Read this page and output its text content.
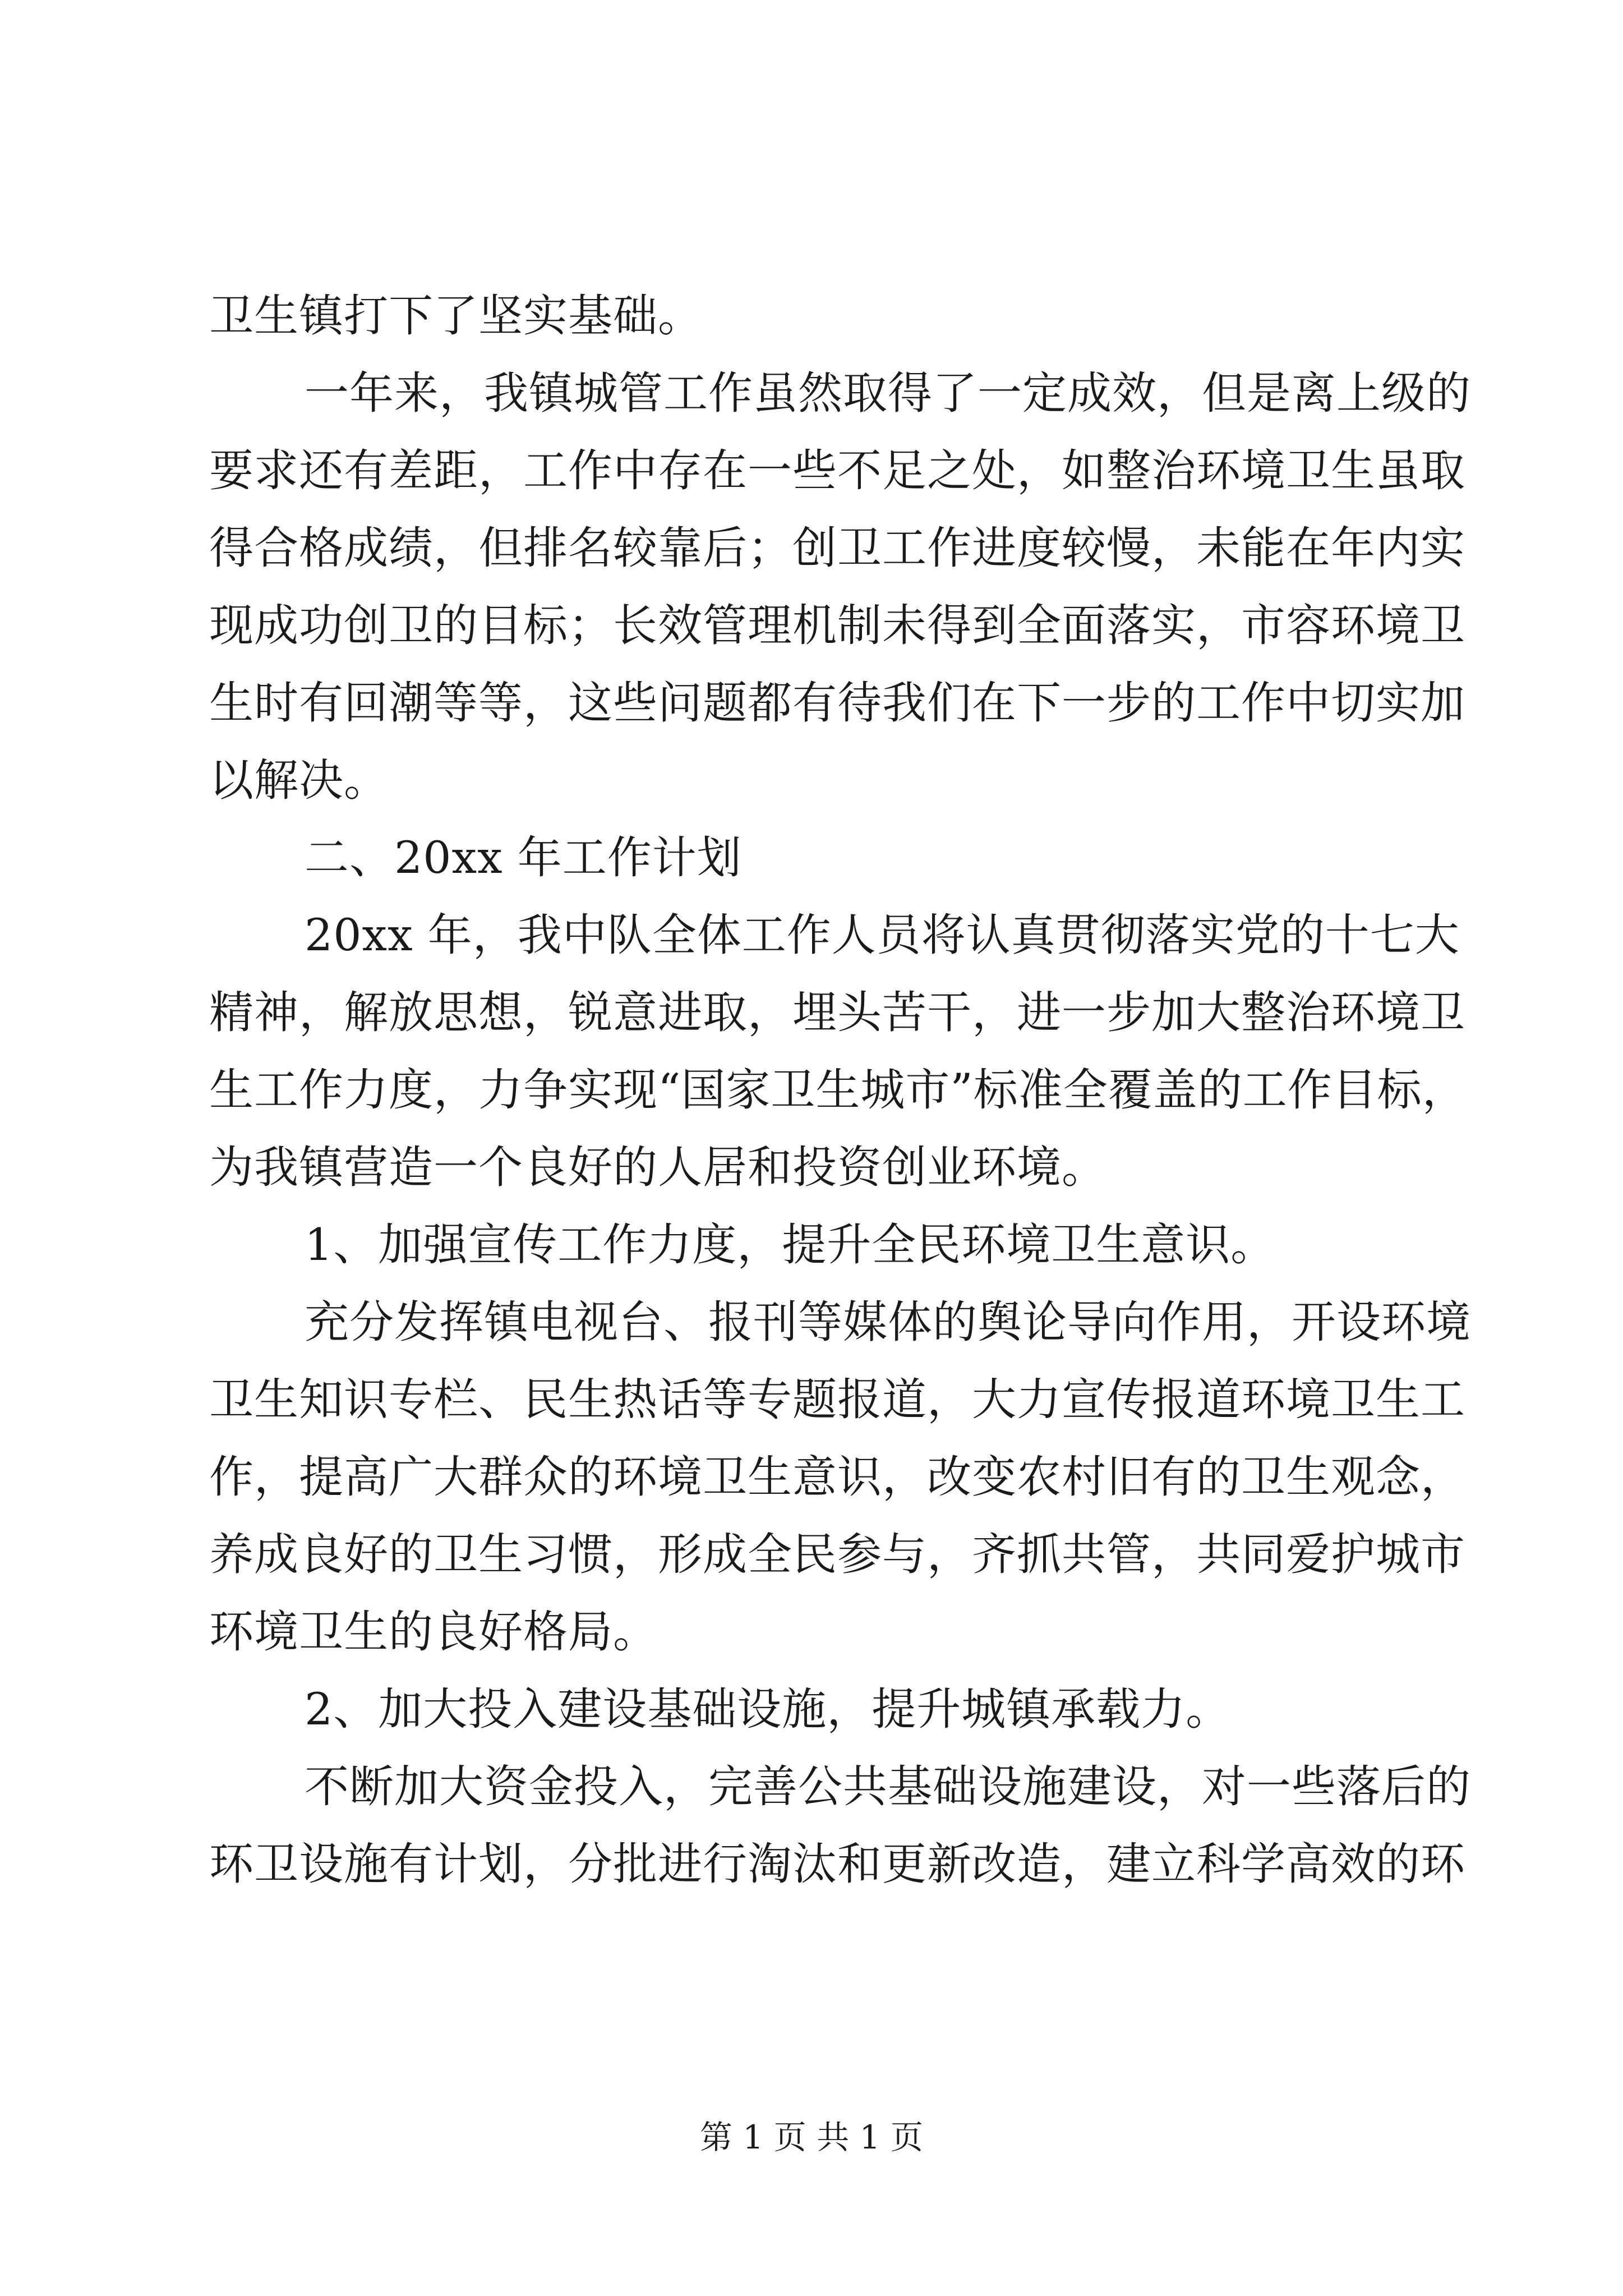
卫生镇打下了坚实基础。
一年来，我镇城管工作虽然取得了一定成效，但是离上级的
要求还有差距，工作中存在一些不足之处，如整治环境卫生虽取
得合格成绩，但排名较靠后；创卫工作进度较慢，未能在年内实
现成功创卫的目标；长效管理机制未得到全面落实，市容环境卫
生时有回潮等等，这些问题都有待我们在下一步的工作中切实加
以解决。
二、20xx 年工作计划
20xx 年，我中队全体工作人员将认真贯彻落实党的十七大
精神，解放思想，锐意进取，埋头苦干，进一步加大整治环境卫
生工作力度，力争实现“国家卫生城市”标准全覆盖的工作目标，
为我镇营造一个良好的人居和投资创业环境。
1、加强宣传工作力度，提升全民环境卫生意识。
充分发挥镇电视台、报刊等媒体的舆论导向作用，开设环境
卫生知识专栏、民生热话等专题报道，大力宣传报道环境卫生工
作，提高广大群众的环境卫生意识，改变农村旧有的卫生观念，
养成良好的卫生习惯，形成全民参与，齐抓共管，共同爱护城市
环境卫生的良好格局。
2、加大投入建设基础设施，提升城镇承载力。
不断加大资金投入，完善公共基础设施建设，对一些落后的
环卫设施有计划，分批进行淘汰和更新改造，建立科学高效的环
第 1 页 共 1 页
